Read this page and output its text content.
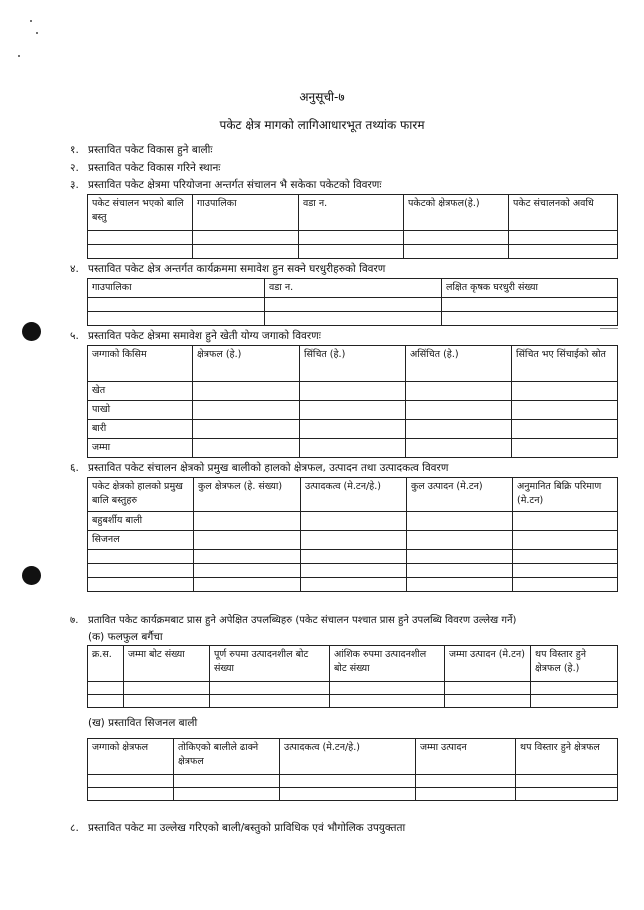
अनुसूची-७
पकेट क्षेत्र मागको लागिआधारभूत तथ्यांक फारम
१. प्रस्तावित पकेट विकास हुने बालीः
२. प्रस्तावित पकेट विकास गरिने स्थानः
३. प्रस्तावित पकेट क्षेत्रमा परियोजना अन्तर्गत संचालन भै सकेका पकेटको विवरणः
पकेट संचालन भएको बालि बस्तु	गाउपालिका	वडा न.	पकेटको क्षेत्रफल(हे.)	पकेट संचालनको अवधि

४. पस्तावित पकेट क्षेत्र अन्तर्गत कार्यक्रममा समावेश हुन सक्ने घरधुरीहरुको विवरण
गाउपालिका	वडा न.	लक्षित कृषक घरधुरी संख्या

५. प्रस्तावित पकेट क्षेत्रमा समावेश हुने खेती योग्य जगाको विवरणः
जग्गाको किसिम	क्षेत्रफल (हे.)	सिंचित (हे.)	असिंचित (हे.)	सिंचित भए सिंचाईको स्रोत
खेत				
पाखो				
बारी				
जम्मा				
६. प्रस्तावित पकेट संचालन क्षेत्रको प्रमुख बालीको हालको क्षेत्रफल, उत्पादन तथा उत्पादकत्व विवरण
पकेट क्षेत्रको हालको प्रमुख बालि बस्तुहरु	कुल क्षेत्रफल (हे. संख्या)	उत्पादकत्व (मे.टन/हे.)	कुल उत्पादन (मे.टन)	अनुमानित बिक्रि परिमाण (मे.टन)
बहुबर्शीय बाली				
सिजनल				

७. प्रतावित पकेट कार्यक्रमबाट प्रास हुने अपेक्षित उपलब्धिहरु (पकेट संचालन पश्चात प्रास हुने उपलब्धि विवरण उल्लेख गर्ने)
(क) फलफुल बर्गैचा
क्र.स.	जम्मा बोट संख्या	पूर्ण रुपमा उत्पादनशील बोट संख्या	आंशिक रुपमा उत्पादनशील बोट संख्या	जम्मा उत्पादन (मे.टन)	थप विस्तार हुने क्षेत्रफल (हे.)

(ख) प्रस्तावित सिजनल बाली
जग्गाको क्षेत्रफल	तोकिएको बालीले ढाक्ने क्षेत्रफल	उत्पादकत्व (मे.टन/हे.)	जम्मा उत्पादन	थप विस्तार हुने क्षेत्रफल

८. प्रस्तावित पकेट मा उल्लेख गरिएको बाली/बस्तुको प्राविधिक एवं भौगोलिक उपयुक्तता
